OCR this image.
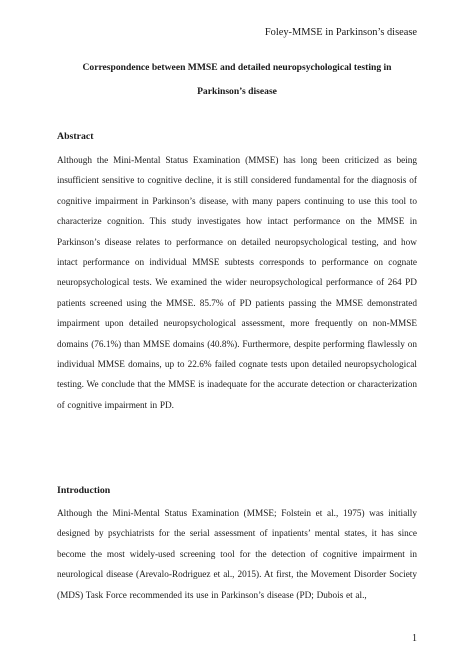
Foley-MMSE in Parkinson’s disease
Correspondence between MMSE and detailed neuropsychological testing in
Parkinson’s disease
Abstract

Although the Mini-Mental Status Examination (MMSE) has long been criticized as being insufficient sensitive to cognitive decline, it is still considered fundamental for the diagnosis of cognitive impairment in Parkinson’s disease, with many papers continuing to use this tool to characterize cognition. This study investigates how intact performance on the MMSE in Parkinson’s disease relates to performance on detailed neuropsychological testing, and how intact performance on individual MMSE subtests corresponds to performance on cognate neuropsychological tests. We examined the wider neuropsychological performance of 264 PD patients screened using the MMSE. 85.7% of PD patients passing the MMSE demonstrated impairment upon detailed neuropsychological assessment, more frequently on non-MMSE domains (76.1%) than MMSE domains (40.8%). Furthermore, despite performing flawlessly on individual MMSE domains, up to 22.6% failed cognate tests upon detailed neuropsychological testing. We conclude that the MMSE is inadequate for the accurate detection or characterization of cognitive impairment in PD.

Introduction

Although the Mini-Mental Status Examination (MMSE; Folstein et al., 1975) was initially designed by psychiatrists for the serial assessment of inpatients’ mental states, it has since become the most widely-used screening tool for the detection of cognitive impairment in neurological disease (Arevalo-Rodriguez et al., 2015). At first, the Movement Disorder Society (MDS) Task Force recommended its use in Parkinson’s disease (PD; Dubois et al.,

1
